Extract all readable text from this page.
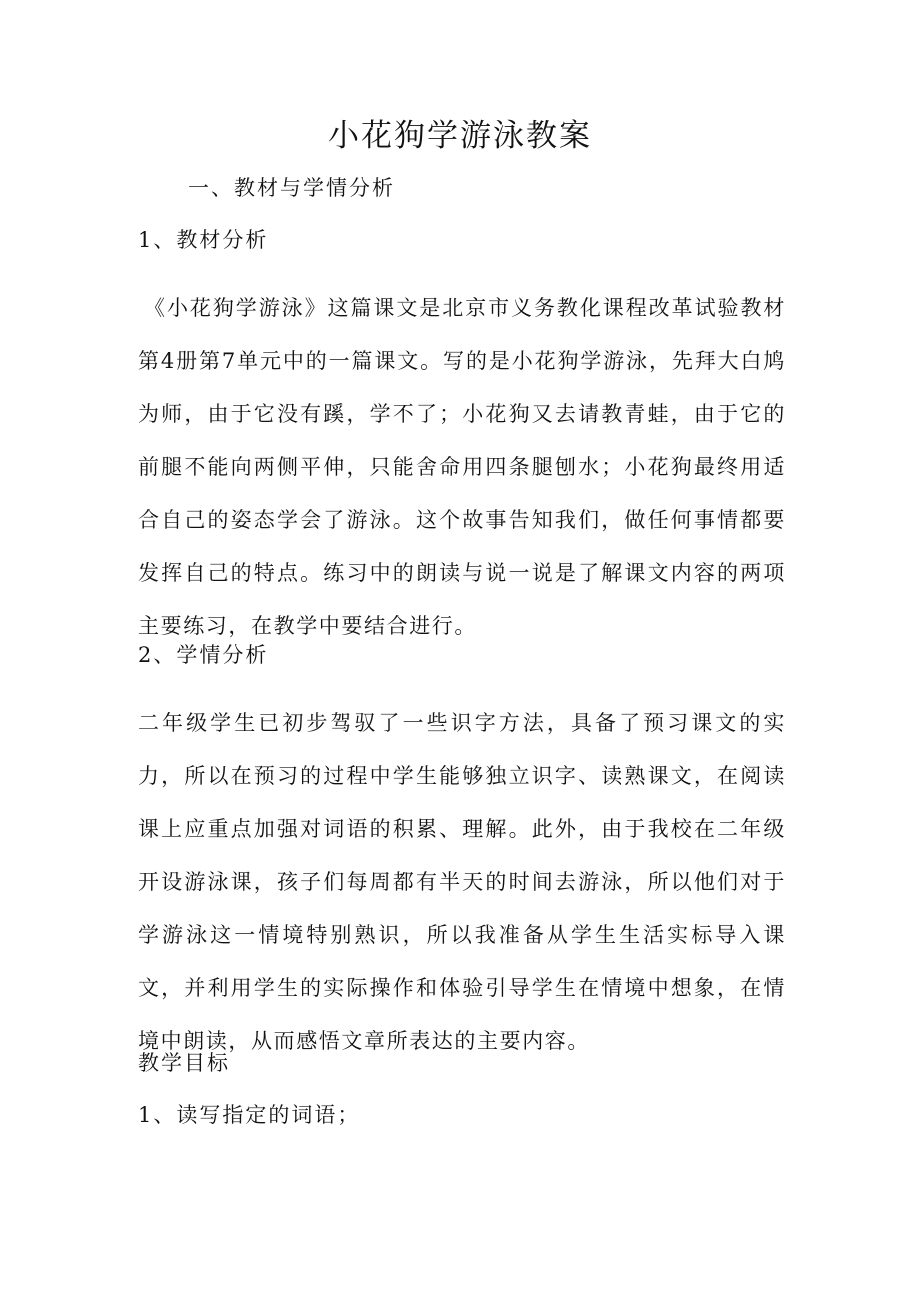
小花狗学游泳教案
一、教材与学情分析
1、教材分析
《小花狗学游泳》这篇课文是北京市义务教化课程改革试验教材第4册第7单元中的一篇课文。写的是小花狗学游泳，先拜大白鸠为师，由于它没有蹊，学不了；小花狗又去请教青蛙，由于它的前腿不能向两侧平伸，只能舍命用四条腿刨水；小花狗最终用适合自己的姿态学会了游泳。这个故事告知我们，做任何事情都要发挥自己的特点。练习中的朗读与说一说是了解课文内容的两项主要练习，在教学中要结合进行。
2、学情分析
二年级学生已初步驾驭了一些识字方法，具备了预习课文的实力，所以在预习的过程中学生能够独立识字、读熟课文，在阅读课上应重点加强对词语的积累、理解。此外，由于我校在二年级开设游泳课，孩子们每周都有半天的时间去游泳，所以他们对于学游泳这一情境特别熟识，所以我准备从学生生活实标导入课文，并利用学生的实际操作和体验引导学生在情境中想象，在情境中朗读，从而感悟文章所表达的主要内容。
教学目标
1、读写指定的词语；
